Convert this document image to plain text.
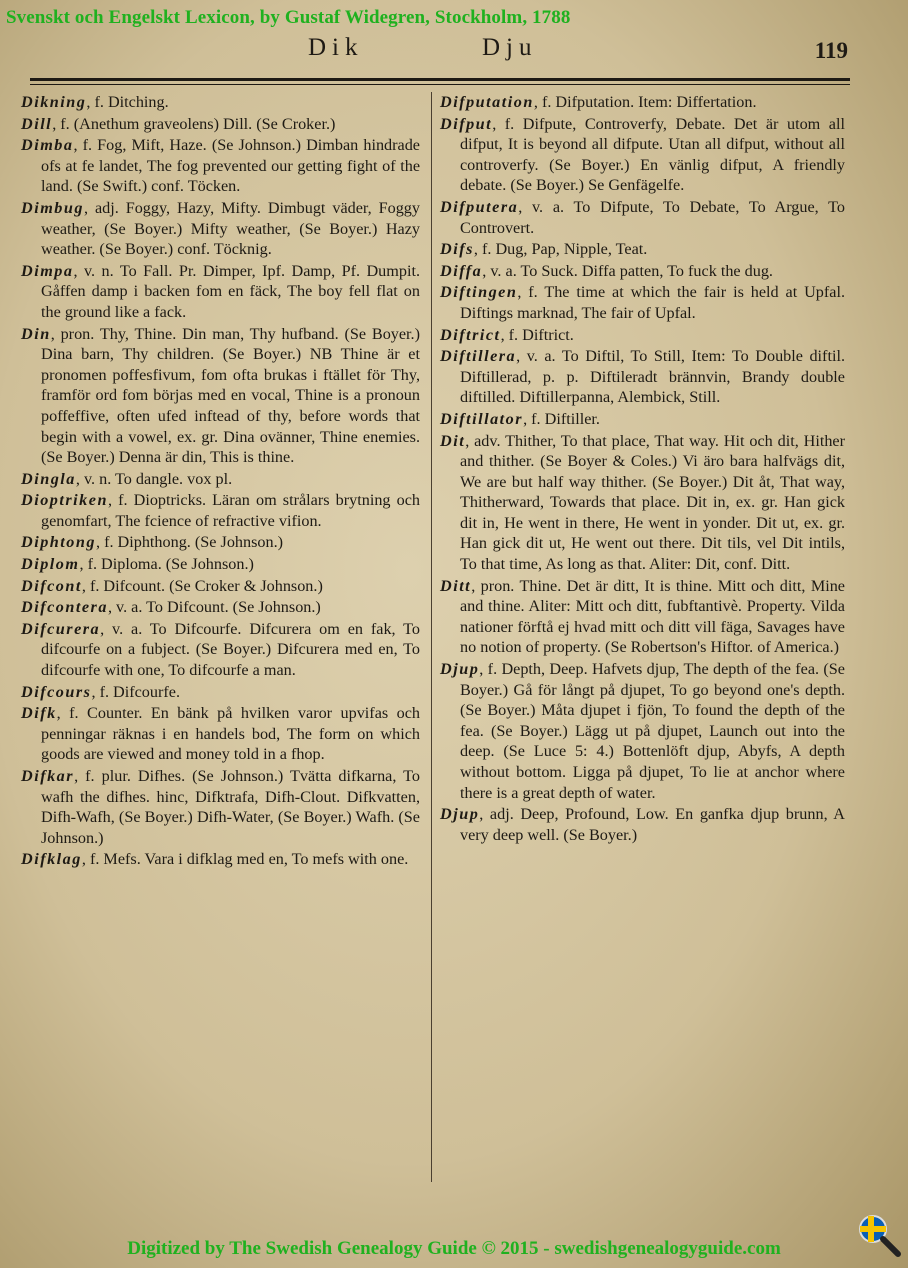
Svenskt och Engelskt Lexicon, by Gustaf Widegren, Stockholm, 1788
Dik	Dju	119
Dikning, f. Ditching.
Dill, f. (Anethum graveolens) Dill. (Se Croker.)
Dimba, f. Fog, Mift, Haze. (Se Johnson.) Dimban hindrade ofs at fe landet, The fog prevented our getting fight of the land. (Se Swift.) conf. Töcken.
Dimbug, adj. Foggy, Hazy, Mifty. Dimbugt väder, Foggy weather, (Se Boyer.) Mifty weather, (Se Boyer.) Hazy weather. (Se Boyer.) conf. Töcknig.
Dimpa, v. n. To Fall. Pr. Dimper, Ipf. Damp, Pf. Dumpit. Gåffen damp i backen fom en fäck, The boy fell flat on the ground like a fack.
Din, pron. Thy, Thine. Din man, Thy hufband. (Se Boyer.) Dina barn, Thy children. (Se Boyer.) NB Thine är et pronomen poffesfivum, fom ofta brukas i ftället för Thy, framför ord fom börjas med en vocal, Thine is a pronoun poffeffive, often ufed inftead of thy, before words that begin with a vowel, ex. gr. Dina ovänner, Thine enemies. (Se Boyer.) Denna är din, This is thine.
Dingla, v. n. To dangle. vox pl.
Dioptriken, f. Dioptricks. Läran om strålars brytning och genomfart, The fcience of refractive vifion.
Diphtong, f. Diphthong. (Se Johnson.)
Diplom, f. Diploma. (Se Johnson.)
Difcont, f. Difcount. (Se Croker & Johnson.)
Difcontera, v. a. To Difcount. (Se Johnson.)
Difcurera, v. a. To Difcourfe. Difcurera om en fak, To difcourfe on a fubject. (Se Boyer.) Difcurera med en, To difcourfe with one, To difcourfe a man.
Difcours, f. Difcourfe.
Difk, f. Counter. En bänk på hvilken varor upvifas och penningar räknas i en handels bod, The form on which goods are viewed and money told in a fhop.
Difkar, f. plur. Difhes. (Se Johnson.) Tvätta difkarna, To wafh the difhes. hinc, Difktrafa, Difh-Clout. Difkvatten, Difh-Wafh, (Se Boyer.) Difh-Water, (Se Boyer.) Wafh. (Se Johnson.)
Difklag, f. Mefs. Vara i difklag med en, To mefs with one.
Difputation, f. Difputation. Item: Differtation.
Difput, f. Difpute, Controverfy, Debate. Det är utom all difput, It is beyond all difpute. Utan all difput, without all controverfy. (Se Boyer.) En vänlig difput, A friendly debate. (Se Boyer.) Se Genfägelfe.
Difputera, v. a. To Difpute, To Debate, To Argue, To Controvert.
Difs, f. Dug, Pap, Nipple, Teat.
Diffa, v. a. To Suck. Diffa patten, To fuck the dug.
Diftingen, f. The time at which the fair is held at Upfal. Diftings marknad, The fair of Upfal.
Diftrict, f. Diftrict.
Diftillera, v. a. To Diftil, To Still, Item: To Double diftil. Diftillerad, p. p. Diftileradt brännvin, Brandy double diftilled. Diftillerpanna, Alembick, Still.
Diftillator, f. Diftiller.
Dit, adv. Thither, To that place, That way. Hit och dit, Hither and thither. (Se Boyer & Coles.) Vi äro bara halfvägs dit, We are but half way thither. (Se Boyer.) Dit åt, That way, Thitherward, Towards that place. Dit in, ex. gr. Han gick dit in, He went in there, He went in yonder. Dit ut, ex. gr. Han gick dit ut, He went out there. Dit tils, vel Dit intils, To that time, As long as that. Aliter: Dit, conf. Ditt.
Ditt, pron. Thine. Det är ditt, It is thine. Mitt och ditt, Mine and thine. Aliter: Mitt och ditt, fubftantivè. Property. Vilda nationer förftå ej hvad mitt och ditt vill fäga, Savages have no notion of property. (Se Robertson's Hiftor. of America.)
Djup, f. Depth, Deep. Hafvets djup, The depth of the fea. (Se Boyer.) Gå för långt på djupet, To go beyond one's depth. (Se Boyer.) Måta djupet i fjön, To found the depth of the fea. (Se Boyer.) Lägg ut på djupet, Launch out into the deep. (Se Luce 5: 4.) Bottenlöft djup, Abyfs, A depth without bottom. Ligga på djupet, To lie at anchor where there is a great depth of water.
Djup, adj. Deep, Profound, Low. En ganfka djup brunn, A very deep well. (Se Boyer.)
Digitized by The Swedish Genealogy Guide © 2015 - swedishgenealogyguide.com
